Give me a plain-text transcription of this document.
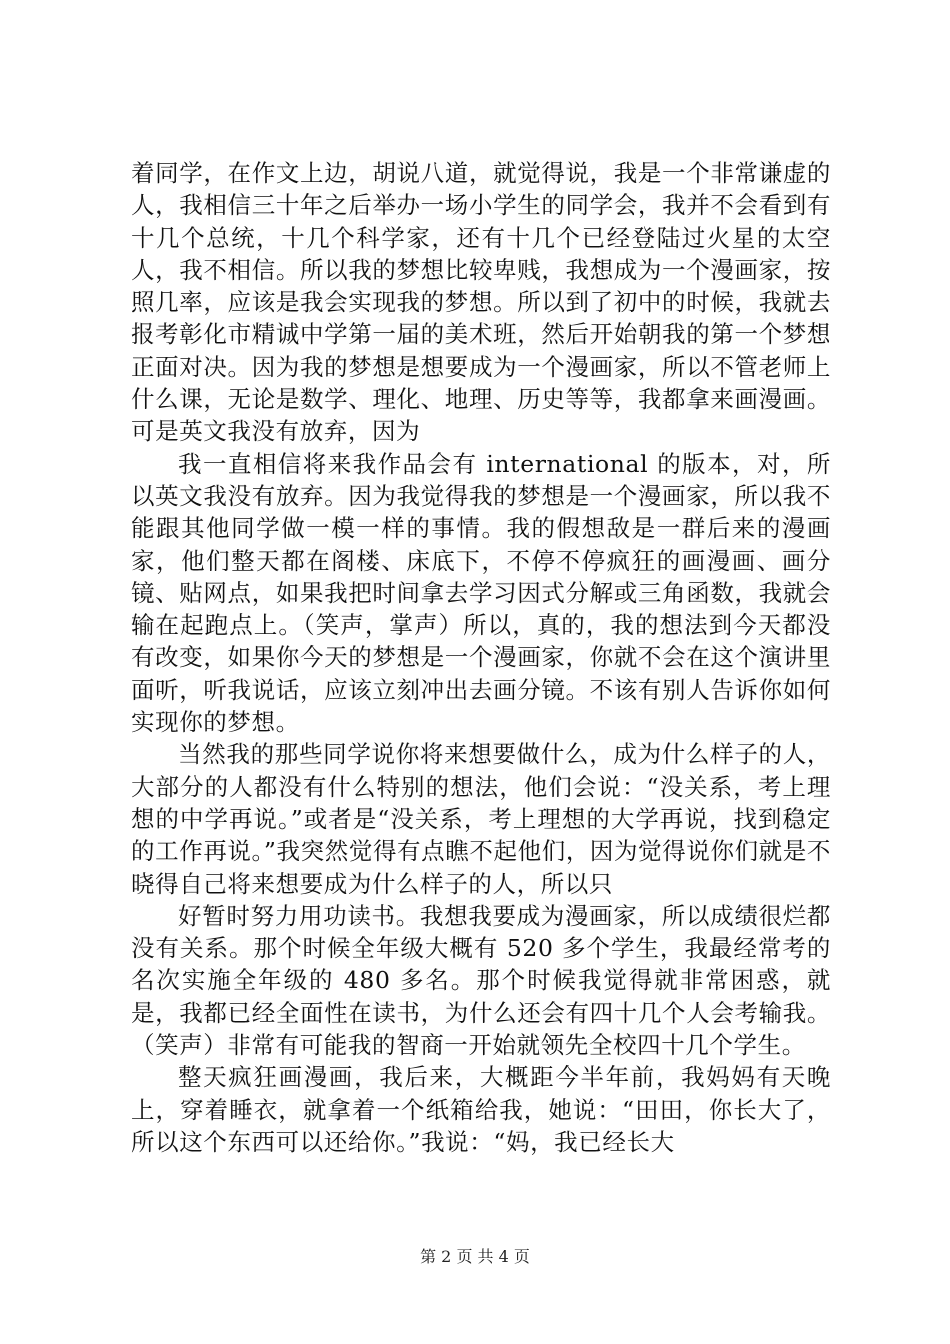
着同学，在作文上边，胡说八道，就觉得说，我是一个非常谦虚的人，我相信三十年之后举办一场小学生的同学会，我并不会看到有十几个总统，十几个科学家，还有十几个已经登陆过火星的太空人，我不相信。所以我的梦想比较卑贱，我想成为一个漫画家，按照几率，应该是我会实现我的梦想。所以到了初中的时候，我就去报考彰化市精诚中学第一届的美术班，然后开始朝我的第一个梦想正面对决。因为我的梦想是想要成为一个漫画家，所以不管老师上什么课，无论是数学、理化、地理、历史等等，我都拿来画漫画。可是英文我没有放弃，因为

我一直相信将来我作品会有 international 的版本，对，所以英文我没有放弃。因为我觉得我的梦想是一个漫画家，所以我不能跟其他同学做一模一样的事情。我的假想敌是一群后来的漫画家，他们整天都在阁楼、床底下，不停不停疯狂的画漫画、画分镜、贴网点，如果我把时间拿去学习因式分解或三角函数，我就会输在起跑点上。（笑声，掌声）所以，真的，我的想法到今天都没有改变，如果你今天的梦想是一个漫画家，你就不会在这个演讲里面听，听我说话，应该立刻冲出去画分镜。不该有别人告诉你如何实现你的梦想。

当然我的那些同学说你将来想要做什么，成为什么样子的人，大部分的人都没有什么特别的想法，他们会说：“没关系，考上理想的中学再说。”或者是“没关系，考上理想的大学再说，找到稳定的工作再说。”我突然觉得有点瞧不起他们，因为觉得说你们就是不晓得自己将来想要成为什么样子的人，所以只

好暂时努力用功读书。我想我要成为漫画家，所以成绩很烂都没有关系。那个时候全年级大概有 520 多个学生，我最经常考的名次实施全年级的 480 多名。那个时候我觉得就非常困惑，就是，我都已经全面性在读书，为什么还会有四十几个人会考输我。（笑声）非常有可能我的智商一开始就领先全校四十几个学生。

整天疯狂画漫画，我后来，大概距今半年前，我妈妈有天晚上，穿着睡衣，就拿着一个纸箱给我，她说：“田田，你长大了，所以这个东西可以还给你。”我说：“妈，我已经长大

第 2 页 共 4 页
